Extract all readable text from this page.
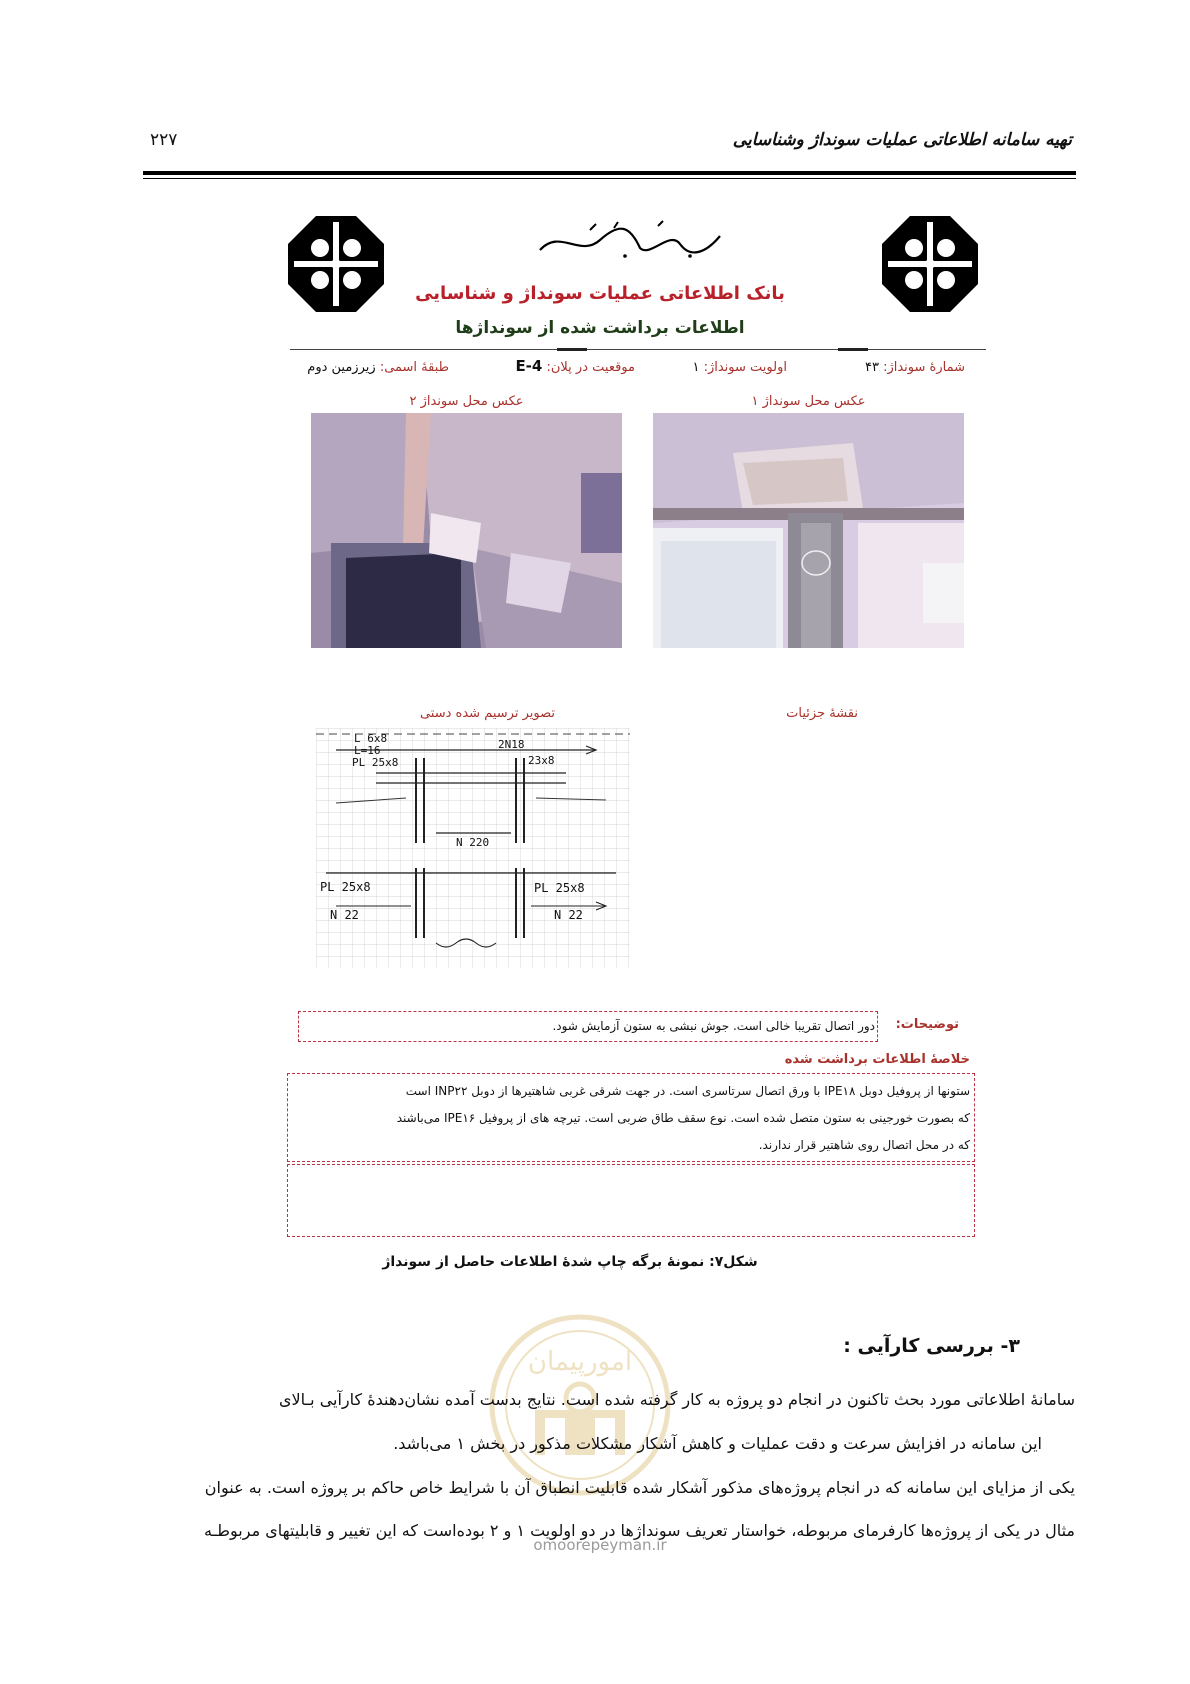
تهیه سامانه اطلاعاتی عملیات سونداژ وشناسایی
۲۲۷
بانک اطلاعاتی عملیات سونداژ و شناسایی
اطلاعات برداشت شده از سونداژها
شمارهٔ سونداژ: ۴۳
اولویت سونداژ: ۱
موقعیت در پلان: E-4
طبقهٔ اسمی: زیرزمین دوم
عکس محل سونداژ ۱
عکس محل سونداژ ۲
نقشهٔ جزئیات
تصویر ترسیم شده دستی
L 6x8
L=16
PL 25x8
2N18
23x8
PL 25x8	PL 25x8
N 22	N 22
N 220
توضیحات:
دور اتصال تقریبا خالی است. جوش نبشی به ستون آزمایش شود.
خلاصهٔ اطلاعات برداشت شده
ستونها از پروفیل دوبل IPE۱۸ با ورق اتصال سرتاسری است. در جهت شرقی غربی شاهتیرها از دوبل INP۲۲ است
که بصورت خورجینی به ستون متصل شده است. نوع سقف طاق ضربی است. تیرچه های از پروفیل IPE۱۶ می‌باشند
که در محل اتصال روی شاهتیر قرار ندارند.
شکل۷: نمونهٔ برگه چاپ شدهٔ اطلاعات حاصل از سونداژ
امورپیمان
۳- بررسی کارآیی :
سامانهٔ اطلاعاتی مورد بحث تاکنون در انجام دو پروژه به کار گرفته شده است. نتایج بدست آمده نشان‌دهندهٔ کارآیی بـالای
این سامانه در افزایش سرعت و دقت عملیات و کاهش آشکار مشکلات مذکور در بخش ۱ می‌باشد.
یکی از مزایای این سامانه که در انجام پروژه‌های مذکور آشکار شده قابلیت انطباق آن با شرایط خاص حاکم بر پروژه است. به عنوان
مثال در یکی از پروژه‌ها کارفرمای مربوطه، خواستار تعریف سونداژها در دو اولویت ۱ و ۲ بوده‌است که این تغییر و قابلیتهای مربوطـه
omoorepeyman.ir
